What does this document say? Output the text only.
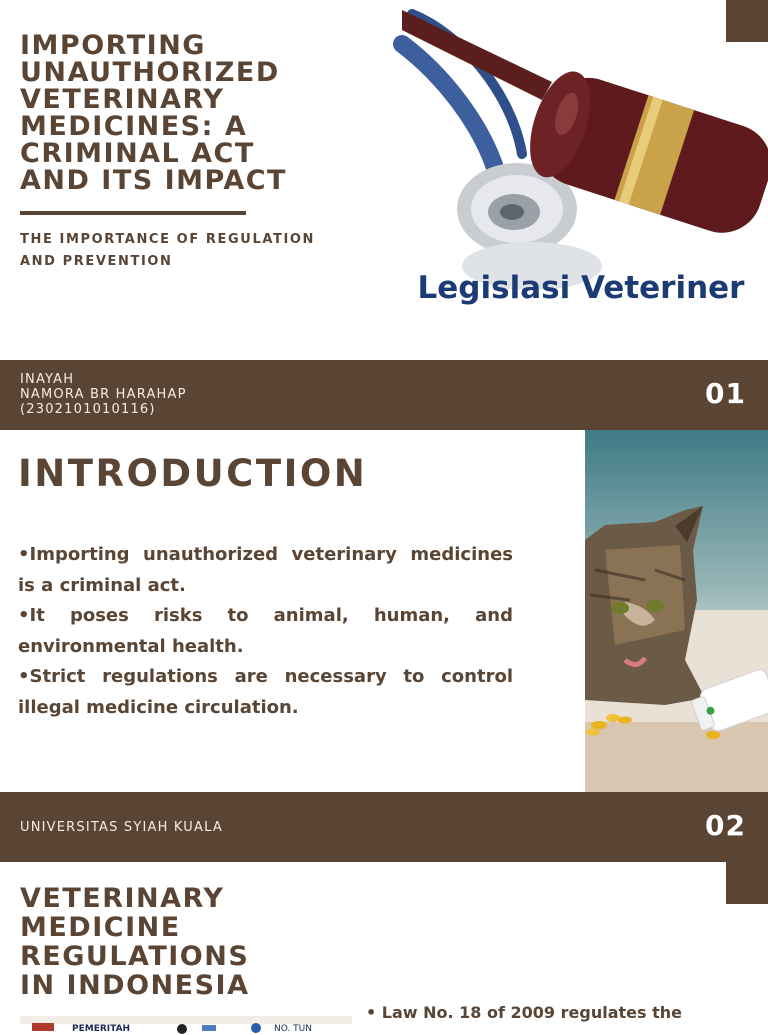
IMPORTING
UNAUTHORIZED
VETERINARY
MEDICINES: A
CRIMINAL ACT
AND ITS IMPACT
THE IMPORTANCE OF REGULATION
AND PREVENTION
Legislasi Veteriner
INAYAH
NAMORA BR HARAHAP
(2302101010116)	01
INTRODUCTION
•Importing unauthorized veterinary medicines is a criminal act.
•It poses risks to animal, human, and environmental health.
•Strict regulations are necessary to control illegal medicine circulation.
UNIVERSITAS SYIAH KUALA	02
VETERINARY
MEDICINE
REGULATIONS
IN INDONESIA
PEMERITAH	NO. TUN
• Law No. 18 of 2009 regulates the
